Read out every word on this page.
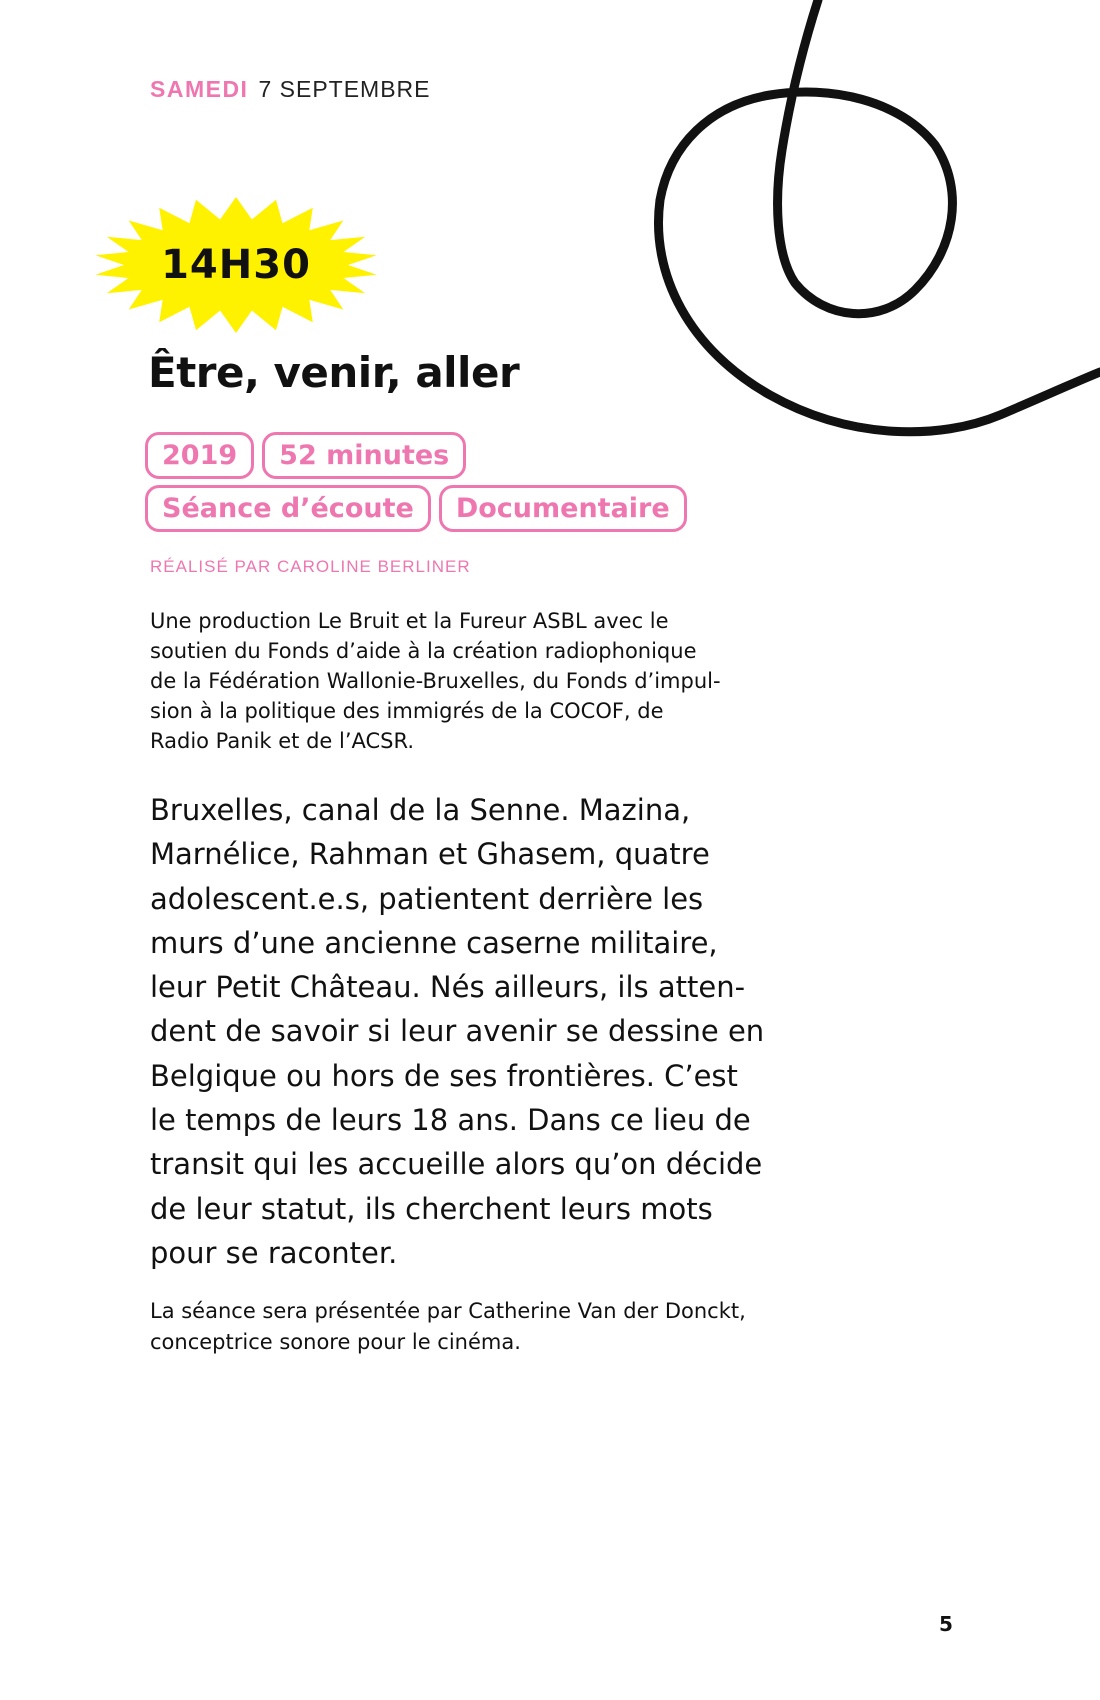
SAMEDI 7 SEPTEMBRE
14H30
Être, venir, aller
2019	52 minutes
Séance d’écoute	Documentaire
RÉALISÉ PAR CAROLINE BERLINER

Une production Le Bruit et la Fureur ASBL avec le
soutien du Fonds d’aide à la création radiophonique
de la Fédération Wallonie-Bruxelles, du Fonds d’impul-
sion à la politique des immigrés de la COCOF, de
Radio Panik et de l’ACSR.

Bruxelles, canal de la Senne. Mazina,
Marnélice, Rahman et Ghasem, quatre
adolescent.e.s, patientent derrière les
murs d’une ancienne caserne militaire,
leur Petit Château. Nés ailleurs, ils atten-
dent de savoir si leur avenir se dessine en
Belgique ou hors de ses frontières. C’est
le temps de leurs 18 ans. Dans ce lieu de
transit qui les accueille alors qu’on décide
de leur statut, ils cherchent leurs mots
pour se raconter.

La séance sera présentée par Catherine Van der Donckt,
conceptrice sonore pour le cinéma.

5
